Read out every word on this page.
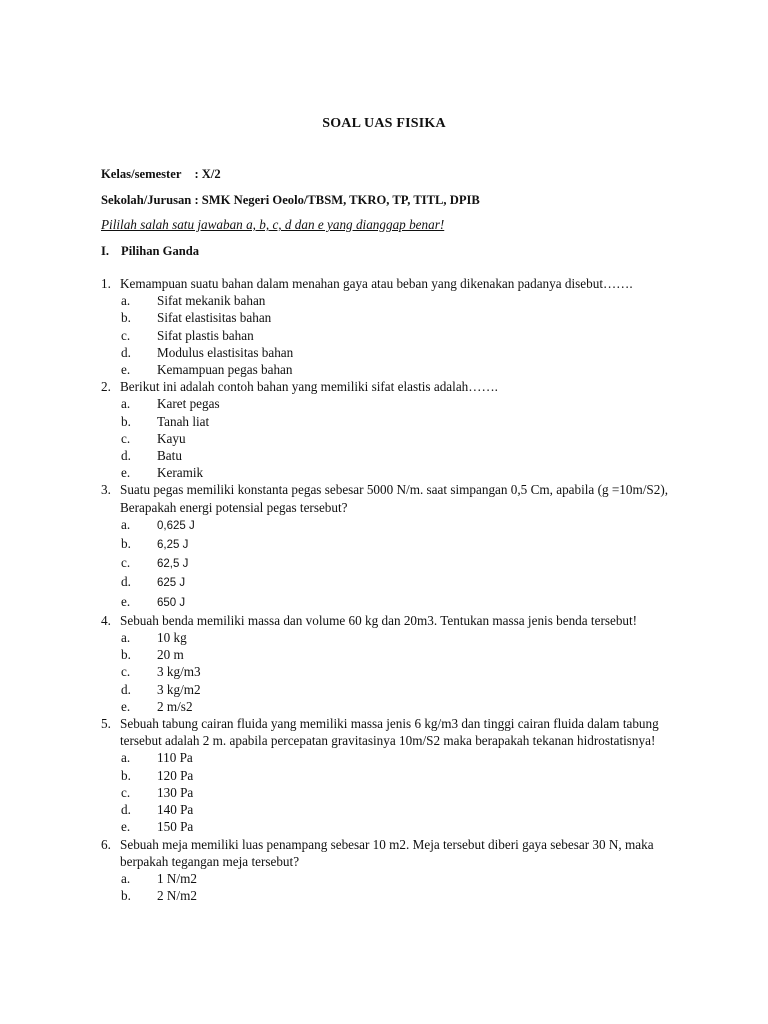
SOAL UAS FISIKA
Kelas/semester : X/2
Sekolah/Jurusan : SMK Negeri Oeolo/TBSM, TKRO, TP, TITL, DPIB
Pililah salah satu jawaban a, b, c, d dan e yang dianggap benar!
I. Pilihan Ganda
1. Kemampuan suatu bahan dalam menahan gaya atau beban yang dikenakan padanya disebut…….
a.	Sifat mekanik bahan
b.	Sifat elastisitas bahan
c.	Sifat plastis bahan
d.	Modulus elastisitas bahan
e.	Kemampuan pegas bahan
2. Berikut ini adalah contoh bahan yang memiliki sifat elastis adalah…….
a.	Karet pegas
b.	Tanah liat
c.	Kayu
d.	Batu
e.	Keramik
3. Suatu pegas memiliki konstanta pegas sebesar 5000 N/m. saat simpangan 0,5 Cm, apabila (g =10m/S2), Berapakah energi potensial pegas tersebut?
a.	0,625 J
b.	6,25 J
c.	62,5 J
d.	625 J
e.	650 J
4. Sebuah benda memiliki massa dan volume 60 kg dan 20m3. Tentukan massa jenis benda tersebut!
a.	10 kg
b.	20 m
c.	3 kg/m3
d.	3 kg/m2
e.	2 m/s2
5. Sebuah tabung cairan fluida yang memiliki massa jenis 6 kg/m3 dan tinggi cairan fluida dalam tabung tersebut adalah 2 m. apabila percepatan gravitasinya 10m/S2 maka berapakah tekanan hidrostatisnya!
a.	110 Pa
b.	120 Pa
c.	130 Pa
d.	140 Pa
e.	150 Pa
6. Sebuah meja memiliki luas penampang sebesar 10 m2. Meja tersebut diberi gaya sebesar 30 N, maka berpakah tegangan meja tersebut?
a.	1 N/m2
b.	2 N/m2
